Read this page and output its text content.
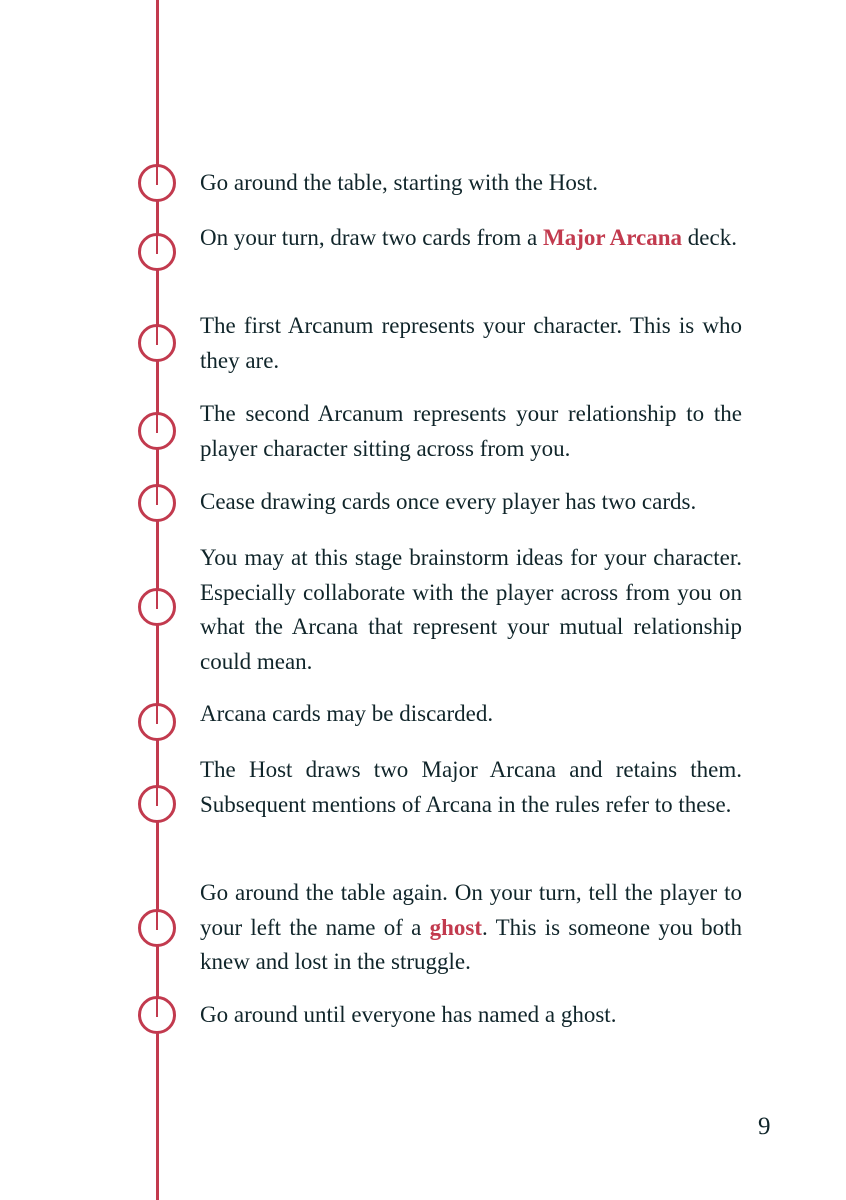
Go around the table, starting with the Host.

On your turn, draw two cards from a Major Arcana deck.

The first Arcanum represents your character. This is who they are.

The second Arcanum represents your relationship to the player character sitting across from you.

Cease drawing cards once every player has two cards.

You may at this stage brainstorm ideas for your character. Especially collaborate with the player across from you on what the Arcana that represent your mutual relationship could mean.

Arcana cards may be discarded.

The Host draws two Major Arcana and retains them. Subsequent mentions of Arcana in the rules refer to these.

Go around the table again. On your turn, tell the player to your left the name of a ghost. This is someone you both knew and lost in the struggle.

Go around until everyone has named a ghost.

9
